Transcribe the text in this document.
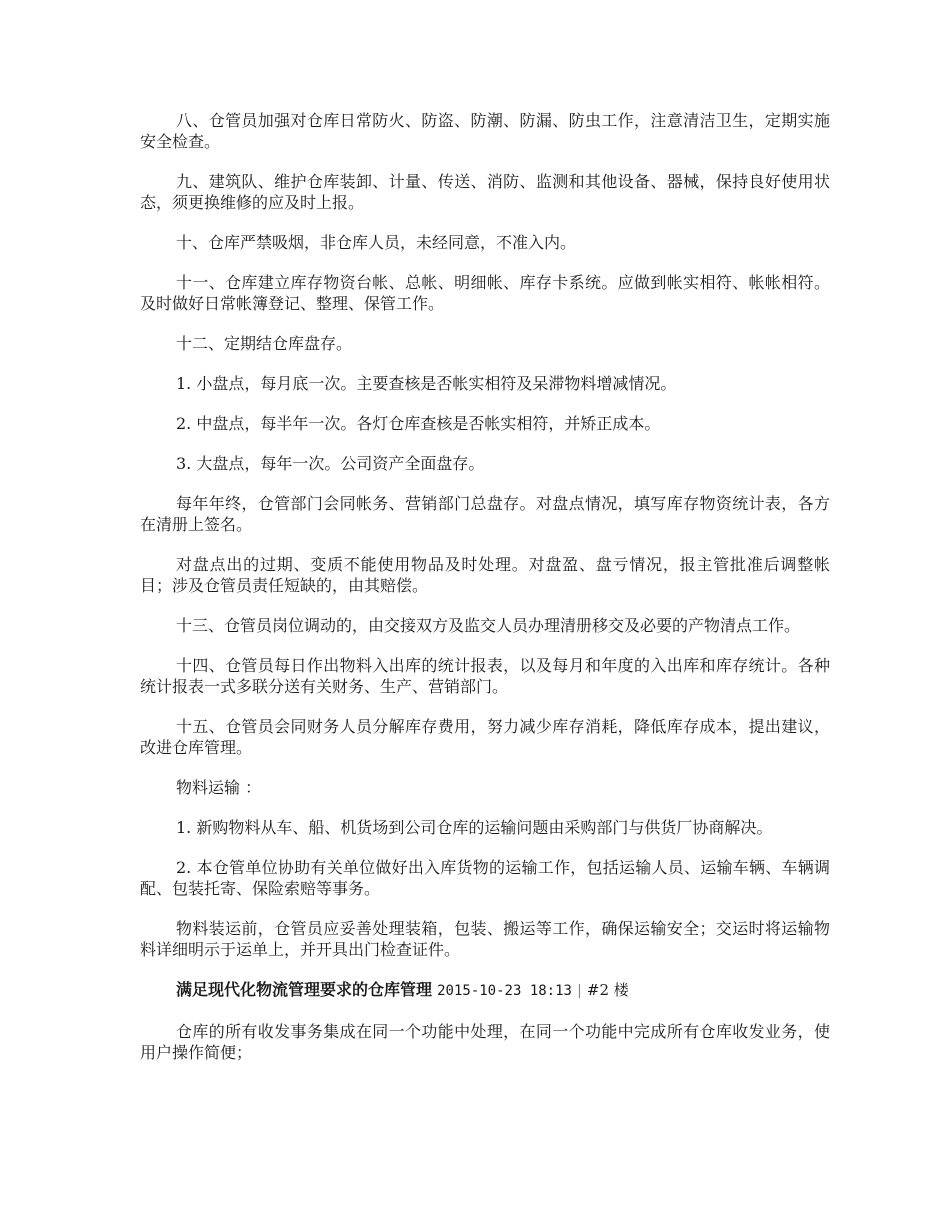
八、仓管员加强对仓库日常防火、防盗、防潮、防漏、防虫工作，注意清洁卫生，定期实施安全检查。

九、建筑队、维护仓库装卸、计量、传送、消防、监测和其他设备、器械，保持良好使用状态，须更换维修的应及时上报。

十、仓库严禁吸烟，非仓库人员，未经同意，不准入内。

十一、仓库建立库存物资台帐、总帐、明细帐、库存卡系统。应做到帐实相符、帐帐相符。及时做好日常帐簿登记、整理、保管工作。

十二、定期结仓库盘存。

1. 小盘点，每月底一次。主要查核是否帐实相符及呆滞物料增减情况。

2. 中盘点，每半年一次。各灯仓库查核是否帐实相符，并矫正成本。

3. 大盘点，每年一次。公司资产全面盘存。

每年年终，仓管部门会同帐务、营销部门总盘存。对盘点情况，填写库存物资统计表，各方在清册上签名。

对盘点出的过期、变质不能使用物品及时处理。对盘盈、盘亏情况，报主管批准后调整帐目；涉及仓管员责任短缺的，由其赔偿。

十三、仓管员岗位调动的，由交接双方及监交人员办理清册移交及必要的产物清点工作。

十四、仓管员每日作出物料入出库的统计报表，以及每月和年度的入出库和库存统计。各种统计报表一式多联分送有关财务、生产、营销部门。

十五、仓管员会同财务人员分解库存费用，努力减少库存消耗，降低库存成本，提出建议，改进仓库管理。

物料运输 ：

1. 新购物料从车、船、机货场到公司仓库的运输问题由采购部门与供货厂协商解决。

2. 本仓管单位协助有关单位做好出入库货物的运输工作，包括运输人员、运输车辆、车辆调配、包装托寄、保险索赔等事务。

物料装运前，仓管员应妥善处理装箱，包装、搬运等工作，确保运输安全；交运时将运输物料详细明示于运单上，并开具出门检查证件。

满足现代化物流管理要求的仓库管理 2015-10-23 18:13 | #2 楼

仓库的所有收发事务集成在同一个功能中处理，在同一个功能中完成所有仓库收发业务，使用户操作简便；
